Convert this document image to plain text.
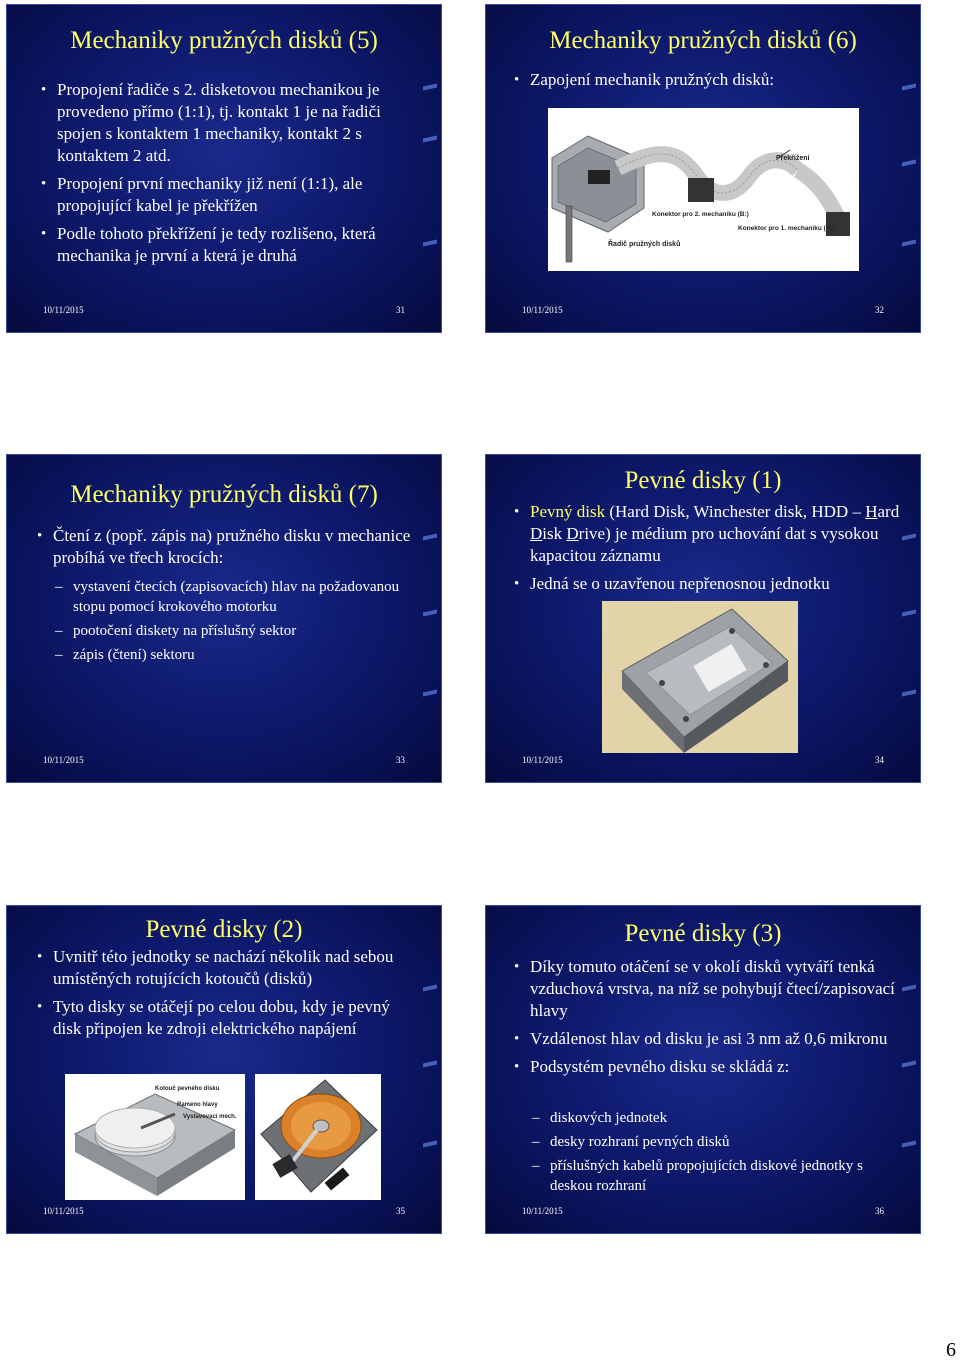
Mechaniky pružných disků (5)
• Propojení řadiče s 2. disketovou mechanikou je provedeno přímo (1:1), tj. kontakt 1 je na řadiči spojen s kontaktem 1 mechaniky, kontakt 2 s kontaktem 2 atd.
• Propojení první mechaniky již není (1:1), ale propojující kabel je překřížen
• Podle tohoto překřížení je tedy rozlišeno, která mechanika je první a která je druhá
10/11/2015	31
Mechaniky pružných disků (6)
• Zapojení mechanik pružných disků:
Překřížení
Konektor pro 2. mechaniku (B:)
Konektor pro 1. mechaniku (A:)
Řadič pružných disků
10/11/2015	32
Mechaniky pružných disků (7)
• Čtení z (popř. zápis na) pružného disku v mechanice probíhá ve třech krocích:
– vystavení čtecích (zapisovacích) hlav na požadovanou stopu pomocí krokového motorku
– pootočení diskety na příslušný sektor
– zápis (čtení) sektoru
10/11/2015	33
Pevné disky (1)
• Pevný disk (Hard Disk, Winchester disk, HDD – Hard Disk Drive) je médium pro uchování dat s vysokou kapacitou záznamu
• Jedná se o uzavřenou nepřenosnou jednotku
10/11/2015	34
Pevné disky (2)
• Uvnitř této jednotky se nachází několik nad sebou umístěných rotujících kotoučů (disků)
• Tyto disky se otáčejí po celou dobu, kdy je pevný disk připojen ke zdroji elektrického napájení
Kotouč pevného disku
Rameno hlavy
Vystavovací mech.
10/11/2015	35
Pevné disky (3)
• Díky tomuto otáčení se v okolí disků vytváří tenká vzduchová vrstva, na níž se pohybují čtecí/zapisovací hlavy
• Vzdálenost hlav od disku je asi 3 nm až 0,6 mikronu
• Podsystém pevného disku se skládá z:
– diskových jednotek
– desky rozhraní pevných disků
– příslušných kabelů propojujících diskové jednotky s deskou rozhraní
10/11/2015	36
6
